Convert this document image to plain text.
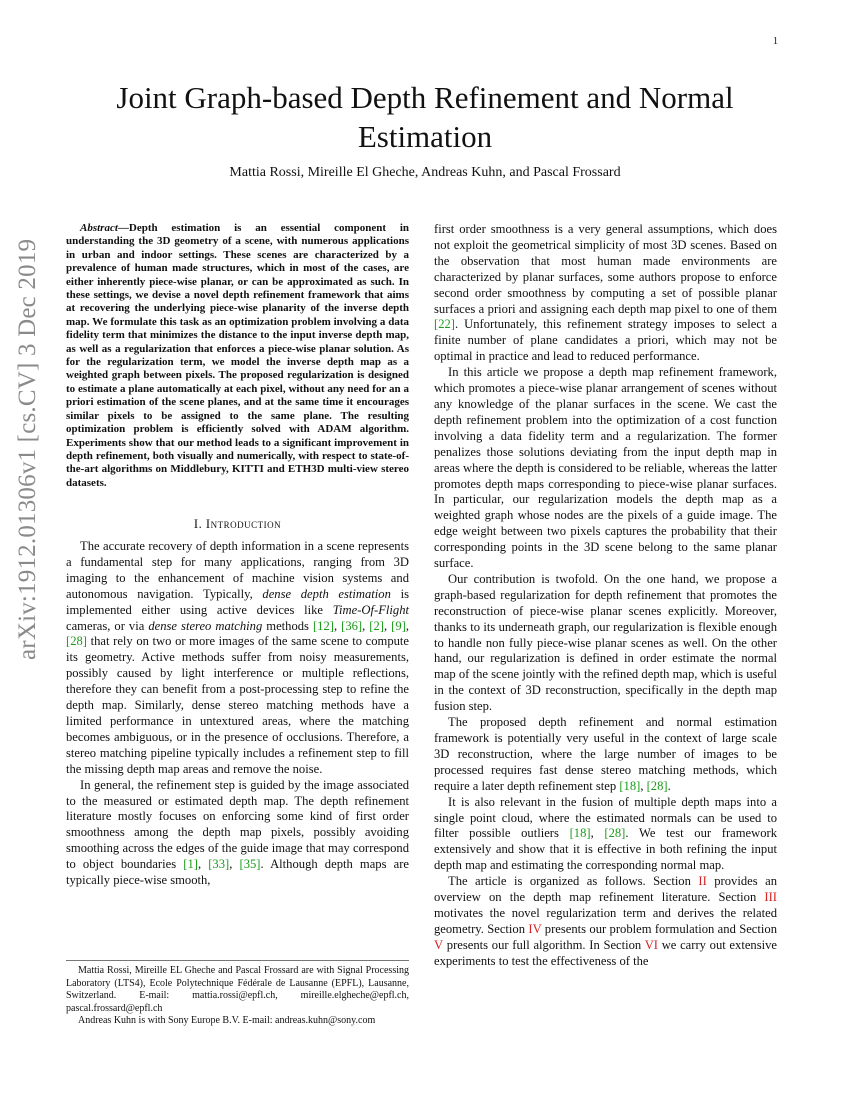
1
arXiv:1912.01306v1 [cs.CV] 3 Dec 2019
Joint Graph-based Depth Refinement and Normal Estimation
Mattia Rossi, Mireille El Gheche, Andreas Kuhn, and Pascal Frossard

Abstract—Depth estimation is an essential component in understanding the 3D geometry of a scene, with numerous applications in urban and indoor settings. These scenes are characterized by a prevalence of human made structures, which in most of the cases, are either inherently piece-wise planar, or can be approximated as such. In these settings, we devise a novel depth refinement framework that aims at recovering the underlying piece-wise planarity of the inverse depth map. We formulate this task as an optimization problem involving a data fidelity term that minimizes the distance to the input inverse depth map, as well as a regularization that enforces a piece-wise planar solution. As for the regularization term, we model the inverse depth map as a weighted graph between pixels. The proposed regularization is designed to estimate a plane automatically at each pixel, without any need for an a priori estimation of the scene planes, and at the same time it encourages similar pixels to be assigned to the same plane. The resulting optimization problem is efficiently solved with ADAM algorithm. Experiments show that our method leads to a significant improvement in depth refinement, both visually and numerically, with respect to state-of-the-art algorithms on Middlebury, KITTI and ETH3D multi-view stereo datasets.

I. Introduction

The accurate recovery of depth information in a scene represents a fundamental step for many applications, ranging from 3D imaging to the enhancement of machine vision systems and autonomous navigation. Typically, dense depth estimation is implemented either using active devices like Time-Of-Flight cameras, or via dense stereo matching methods [12], [36], [2], [9], [28] that rely on two or more images of the same scene to compute its geometry. Active methods suffer from noisy measurements, possibly caused by light interference or multiple reflections, therefore they can benefit from a post-processing step to refine the depth map. Similarly, dense stereo matching methods have a limited performance in untextured areas, where the matching becomes ambiguous, or in the presence of occlusions. Therefore, a stereo matching pipeline typically includes a refinement step to fill the missing depth map areas and remove the noise.

In general, the refinement step is guided by the image associated to the measured or estimated depth map. The depth refinement literature mostly focuses on enforcing some kind of first order smoothness among the depth map pixels, possibly avoiding smoothing across the edges of the guide image that may correspond to object boundaries [1], [33], [35]. Although depth maps are typically piece-wise smooth,

Mattia Rossi, Mireille EL Gheche and Pascal Frossard are with Signal Processing Laboratory (LTS4), Ecole Polytechnique Fédérale de Lausanne (EPFL), Lausanne, Switzerland. E-mail: mattia.rossi@epfl.ch, mireille.elgheche@epfl.ch, pascal.frossard@epfl.ch

Andreas Kuhn is with Sony Europe B.V. E-mail: andreas.kuhn@sony.com

first order smoothness is a very general assumptions, which does not exploit the geometrical simplicity of most 3D scenes. Based on the observation that most human made environments are characterized by planar surfaces, some authors propose to enforce second order smoothness by computing a set of possible planar surfaces a priori and assigning each depth map pixel to one of them [22]. Unfortunately, this refinement strategy imposes to select a finite number of plane candidates a priori, which may not be optimal in practice and lead to reduced performance.

In this article we propose a depth map refinement framework, which promotes a piece-wise planar arrangement of scenes without any knowledge of the planar surfaces in the scene. We cast the depth refinement problem into the optimization of a cost function involving a data fidelity term and a regularization. The former penalizes those solutions deviating from the input depth map in areas where the depth is considered to be reliable, whereas the latter promotes depth maps corresponding to piece-wise planar surfaces. In particular, our regularization models the depth map as a weighted graph whose nodes are the pixels of a guide image. The edge weight between two pixels captures the probability that their corresponding points in the 3D scene belong to the same planar surface.

Our contribution is twofold. On the one hand, we propose a graph-based regularization for depth refinement that promotes the reconstruction of piece-wise planar scenes explicitly. Moreover, thanks to its underneath graph, our regularization is flexible enough to handle non fully piece-wise planar scenes as well. On the other hand, our regularization is defined in order estimate the normal map of the scene jointly with the refined depth map, which is useful in the context of 3D reconstruction, specifically in the depth map fusion step.

The proposed depth refinement and normal estimation framework is potentially very useful in the context of large scale 3D reconstruction, where the large number of images to be processed requires fast dense stereo matching methods, which require a later depth refinement step [18], [28].

It is also relevant in the fusion of multiple depth maps into a single point cloud, where the estimated normals can be used to filter possible outliers [18], [28]. We test our framework extensively and show that it is effective in both refining the input depth map and estimating the corresponding normal map.

The article is organized as follows. Section II provides an overview on the depth map refinement literature. Section III motivates the novel regularization term and derives the related geometry. Section IV presents our problem formulation and Section V presents our full algorithm. In Section VI we carry out extensive experiments to test the effectiveness of the
